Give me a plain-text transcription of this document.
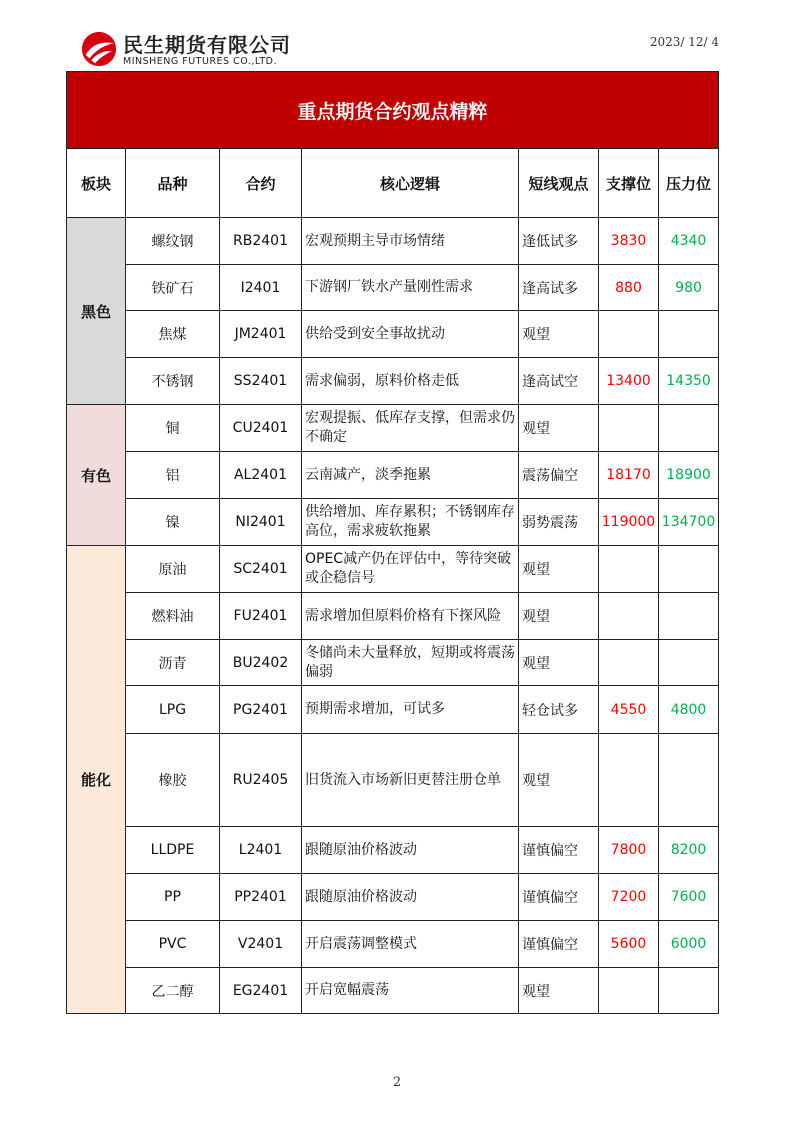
民生期货有限公司
MINSHENG FUTURES CO.,LTD.
2023/ 12/ 4
重点期货合约观点精粹						
板块	品种	合约	核心逻辑	短线观点	支撑位	压力位
黑色	螺纹钢	RB2401	宏观预期主导市场情绪	逢低试多	3830	4340
	铁矿石	I2401	下游钢厂铁水产量刚性需求	逢高试多	880	980
	焦煤	JM2401	供给受到安全事故扰动	观望		
	不锈钢	SS2401	需求偏弱，原料价格走低	逢高试空	13400	14350
有色	铜	CU2401	宏观提振、低库存支撑，但需求仍不确定	观望		
	铝	AL2401	云南减产，淡季拖累	震荡偏空	18170	18900
	镍	NI2401	供给增加、库存累积；不锈钢库存高位，需求疲软拖累	弱势震荡	119000	134700
能化	原油	SC2401	OPEC减产仍在评估中，等待突破或企稳信号	观望		
	燃料油	FU2401	需求增加但原料价格有下探风险	观望		
	沥青	BU2402	冬储尚未大量释放，短期或将震荡偏弱	观望		
	LPG	PG2401	预期需求增加，可试多	轻仓试多	4550	4800
	橡胶	RU2405	旧货流入市场新旧更替注册仓单	观望		
	LLDPE	L2401	跟随原油价格波动	谨慎偏空	7800	8200
	PP	PP2401	跟随原油价格波动	谨慎偏空	7200	7600
	PVC	V2401	开启震荡调整模式	谨慎偏空	5600	6000
	乙二醇	EG2401	开启宽幅震荡	观望		
2
